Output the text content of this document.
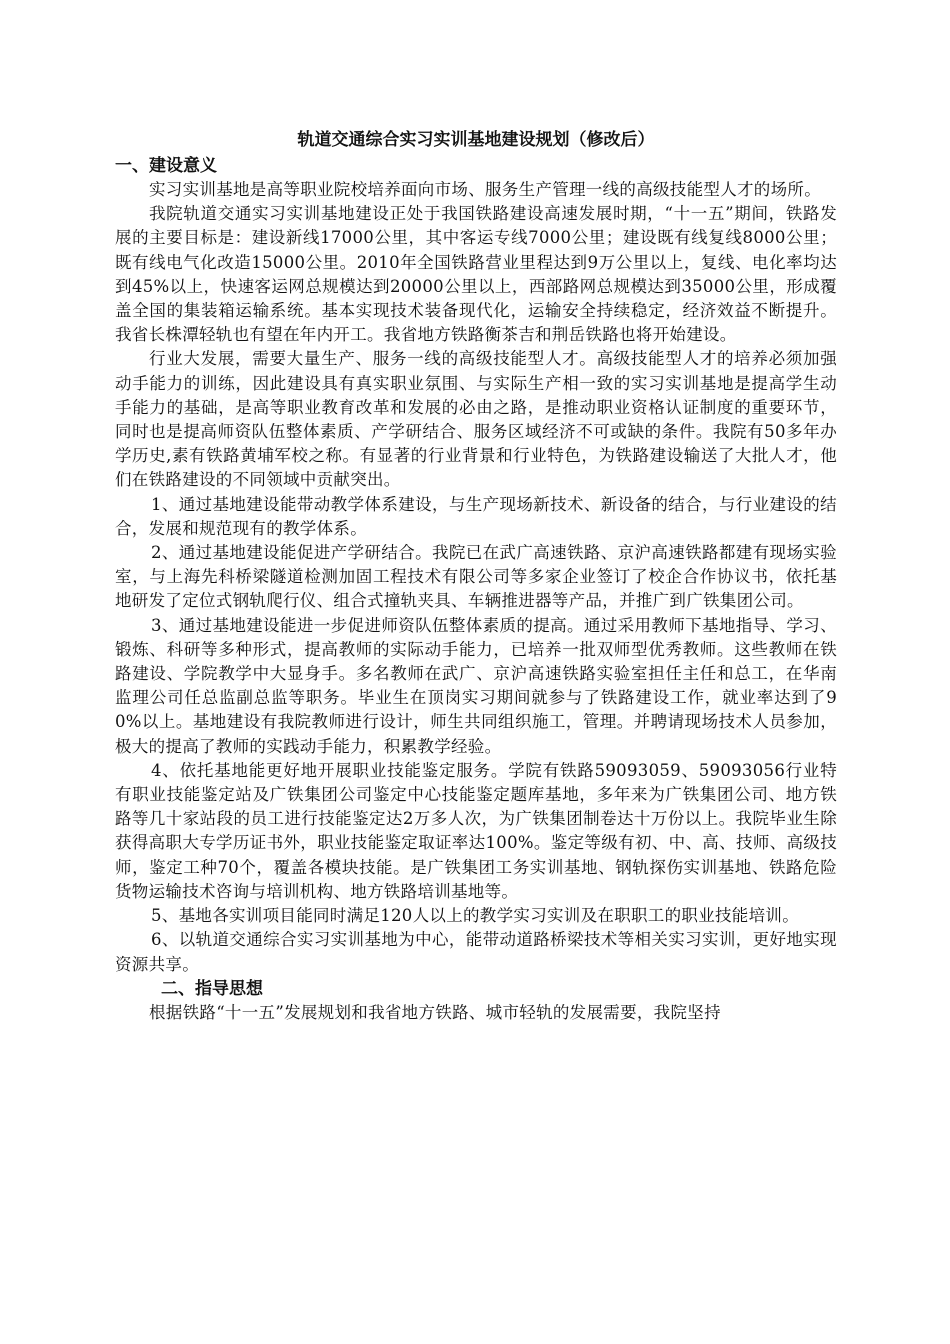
轨道交通综合实习实训基地建设规划（修改后）
一、建设意义

实习实训基地是高等职业院校培养面向市场、服务生产管理一线的高级技能型人才的场所。

我院轨道交通实习实训基地建设正处于我国铁路建设高速发展时期，“十一五”期间，铁路发展的主要目标是：建设新线17000公里，其中客运专线7000公里；建设既有线复线8000公里；既有线电气化改造15000公里。2010年全国铁路营业里程达到9万公里以上，复线、电化率均达到45%以上，快速客运网总规模达到20000公里以上，西部路网总规模达到35000公里，形成覆盖全国的集装箱运输系统。基本实现技术装备现代化，运输安全持续稳定，经济效益不断提升。我省长株潭轻轨也有望在年内开工。我省地方铁路衡茶吉和荆岳铁路也将开始建设。

行业大发展，需要大量生产、服务一线的高级技能型人才。高级技能型人才的培养必须加强动手能力的训练，因此建设具有真实职业氛围、与实际生产相一致的实习实训基地是提高学生动手能力的基础，是高等职业教育改革和发展的必由之路，是推动职业资格认证制度的重要环节，同时也是提高师资队伍整体素质、产学研结合、服务区域经济不可或缺的条件。我院有50多年办学历史,素有铁路黄埔军校之称。有显著的行业背景和行业特色，为铁路建设输送了大批人才，他们在铁路建设的不同领域中贡献突出。

1、通过基地建设能带动教学体系建设，与生产现场新技术、新设备的结合，与行业建设的结合，发展和规范现有的教学体系。

2、通过基地建设能促进产学研结合。我院已在武广高速铁路、京沪高速铁路都建有现场实验室，与上海先科桥梁隧道检测加固工程技术有限公司等多家企业签订了校企合作协议书，依托基地研发了定位式钢轨爬行仪、组合式撞轨夹具、车辆推进器等产品，并推广到广铁集团公司。

3、通过基地建设能进一步促进师资队伍整体素质的提高。通过采用教师下基地指导、学习、锻炼、科研等多种形式，提高教师的实际动手能力，已培养一批双师型优秀教师。这些教师在铁路建设、学院教学中大显身手。多名教师在武广、京沪高速铁路实验室担任主任和总工，在华南监理公司任总监副总监等职务。毕业生在顶岗实习期间就参与了铁路建设工作，就业率达到了90%以上。基地建设有我院教师进行设计，师生共同组织施工，管理。并聘请现场技术人员参加，极大的提高了教师的实践动手能力，积累教学经验。

4、依托基地能更好地开展职业技能鉴定服务。学院有铁路59093059、59093056行业特有职业技能鉴定站及广铁集团公司鉴定中心技能鉴定题库基地，多年来为广铁集团公司、地方铁路等几十家站段的员工进行技能鉴定达2万多人次，为广铁集团制卷达十万份以上。我院毕业生除获得高职大专学历证书外，职业技能鉴定取证率达100%。鉴定等级有初、中、高、技师、高级技师，鉴定工种70个，覆盖各模块技能。是广铁集团工务实训基地、钢轨探伤实训基地、铁路危险货物运输技术咨询与培训机构、地方铁路培训基地等。

5、基地各实训项目能同时满足120人以上的教学实习实训及在职职工的职业技能培训。

6、以轨道交通综合实习实训基地为中心，能带动道路桥梁技术等相关实习实训，更好地实现资源共享。

二、指导思想

根据铁路“十一五”发展规划和我省地方铁路、城市轻轨的发展需要，我院坚持
